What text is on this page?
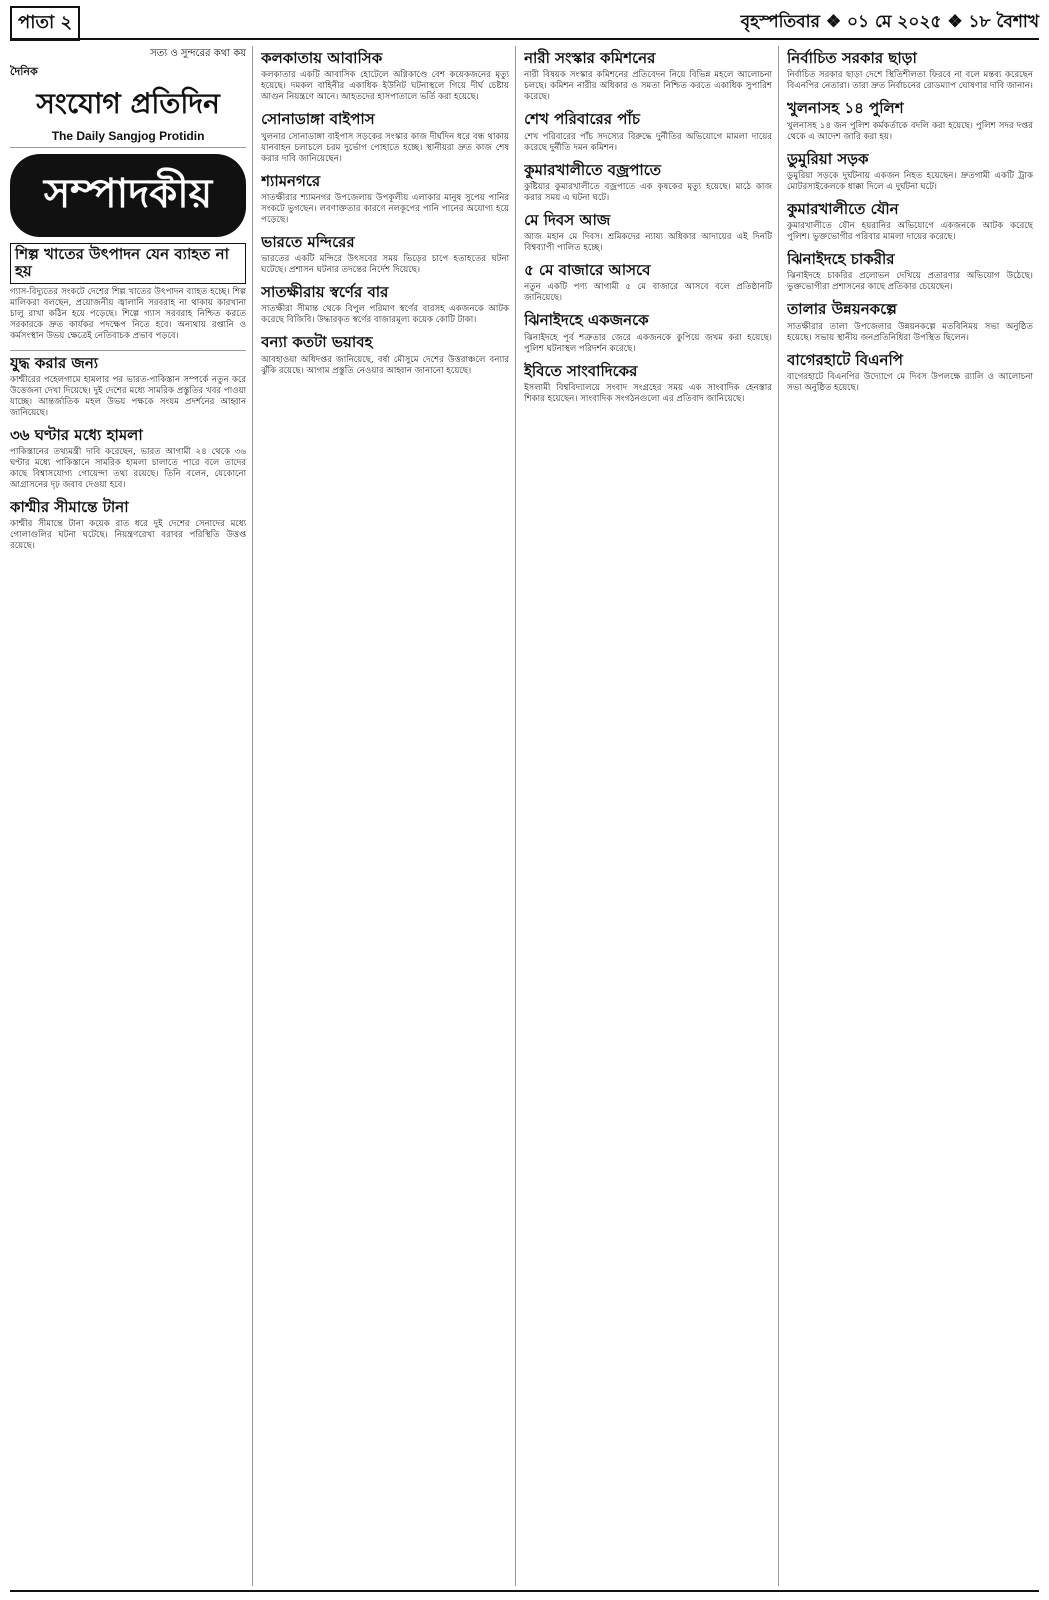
পাতা ২	বৃহস্পতিবার ❖ ০১ মে ২০২৫ ❖ ১৮ বৈশাখ
সত্য ও সুন্দরের কথা কয়
দৈনিক
সংযোগ প্রতিদিন
The Daily Sangjog Protidin
সম্পাদকীয়
শিল্প খাতের উৎপাদন যেন ব্যাহত না হয়
গ্যাস-বিদ্যুতের সংকটে দেশের শিল্প খাতের উৎপাদন ব্যাহত হচ্ছে। শিল্প মালিকরা বলছেন, প্রয়োজনীয় জ্বালানি সরবরাহ না থাকায় কারখানা চালু রাখা কঠিন হয়ে পড়েছে। শিল্পে গ্যাস সরবরাহ নিশ্চিত করতে সরকারকে দ্রুত কার্যকর পদক্ষেপ নিতে হবে। অন্যথায় রপ্তানি ও কর্মসংস্থান উভয় ক্ষেত্রেই নেতিবাচক প্রভাব পড়বে।
যুদ্ধ করার জন্য
কাশ্মীরের পহেলগামে হামলার পর ভারত-পাকিস্তান সম্পর্কে নতুন করে উত্তেজনা দেখা দিয়েছে। দুই দেশের মধ্যে সামরিক প্রস্তুতির খবর পাওয়া যাচ্ছে। আন্তর্জাতিক মহল উভয় পক্ষকে সংযম প্রদর্শনের আহ্বান জানিয়েছে।
৩৬ ঘণ্টার মধ্যে হামলা
পাকিস্তানের তথ্যমন্ত্রী দাবি করেছেন, ভারত আগামী ২৪ থেকে ৩৬ ঘণ্টার মধ্যে পাকিস্তানে সামরিক হামলা চালাতে পারে বলে তাদের কাছে বিশ্বাসযোগ্য গোয়েন্দা তথ্য রয়েছে। তিনি বলেন, যেকোনো আগ্রাসনের দৃঢ় জবাব দেওয়া হবে।
কাশ্মীর সীমান্তে টানা
কাশ্মীর সীমান্তে টানা কয়েক রাত ধরে দুই দেশের সেনাদের মধ্যে গোলাগুলির ঘটনা ঘটেছে। নিয়ন্ত্রণরেখা বরাবর পরিস্থিতি উত্তপ্ত রয়েছে।
কলকাতায় আবাসিক
কলকাতার একটি আবাসিক হোটেলে অগ্নিকাণ্ডে বেশ কয়েকজনের মৃত্যু হয়েছে। দমকল বাহিনীর একাধিক ইউনিট ঘটনাস্থলে গিয়ে দীর্ঘ চেষ্টায় আগুন নিয়ন্ত্রণে আনে। আহতদের হাসপাতালে ভর্তি করা হয়েছে।
সোনাডাঙ্গা বাইপাস
খুলনার সোনাডাঙ্গা বাইপাস সড়কের সংস্কার কাজ দীর্ঘদিন ধরে বন্ধ থাকায় যানবাহন চলাচলে চরম দুর্ভোগ পোহাতে হচ্ছে। স্থানীয়রা দ্রুত কাজ শেষ করার দাবি জানিয়েছেন।
শ্যামনগরে
সাতক্ষীরার শ্যামনগর উপজেলায় উপকূলীয় এলাকার মানুষ সুপেয় পানির সংকটে ভুগছেন। লবণাক্ততার কারণে নলকূপের পানি পানের অযোগ্য হয়ে পড়েছে।
ভারতে মন্দিরের
ভারতের একটি মন্দিরে উৎসবের সময় ভিড়ের চাপে হতাহতের ঘটনা ঘটেছে। প্রশাসন ঘটনার তদন্তের নির্দেশ দিয়েছে।
সাতক্ষীরায় স্বর্ণের বার
সাতক্ষীরা সীমান্ত থেকে বিপুল পরিমাণ স্বর্ণের বারসহ একজনকে আটক করেছে বিজিবি। উদ্ধারকৃত স্বর্ণের বাজারমূল্য কয়েক কোটি টাকা।
বন্যা কতটা ভয়াবহ
আবহাওয়া অধিদপ্তর জানিয়েছে, বর্ষা মৌসুমে দেশের উত্তরাঞ্চলে বন্যার ঝুঁকি রয়েছে। আগাম প্রস্তুতি নেওয়ার আহ্বান জানানো হয়েছে।
নারী সংস্কার কমিশনের
নারী বিষয়ক সংস্কার কমিশনের প্রতিবেদন নিয়ে বিভিন্ন মহলে আলোচনা চলছে। কমিশন নারীর অধিকার ও সমতা নিশ্চিত করতে একাধিক সুপারিশ করেছে।
শেখ পরিবারের পাঁচ
শেখ পরিবারের পাঁচ সদস্যের বিরুদ্ধে দুর্নীতির অভিযোগে মামলা দায়ের করেছে দুর্নীতি দমন কমিশন।
কুমারখালীতে বজ্রপাতে
কুষ্টিয়ার কুমারখালীতে বজ্রপাতে এক কৃষকের মৃত্যু হয়েছে। মাঠে কাজ করার সময় এ ঘটনা ঘটে।
মে দিবস আজ
আজ মহান মে দিবস। শ্রমিকদের ন্যায্য অধিকার আদায়ের এই দিনটি বিশ্বব্যাপী পালিত হচ্ছে।
৫ মে বাজারে আসবে
নতুন একটি পণ্য আগামী ৫ মে বাজারে আসবে বলে প্রতিষ্ঠানটি জানিয়েছে।
ঝিনাইদহে একজনকে
ঝিনাইদহে পূর্ব শত্রুতার জেরে একজনকে কুপিয়ে জখম করা হয়েছে। পুলিশ ঘটনাস্থল পরিদর্শন করেছে।
ইবিতে সাংবাদিকের
ইসলামী বিশ্ববিদ্যালয়ে সংবাদ সংগ্রহের সময় এক সাংবাদিক হেনস্তার শিকার হয়েছেন। সাংবাদিক সংগঠনগুলো এর প্রতিবাদ জানিয়েছে।
নির্বাচিত সরকার ছাড়া
নির্বাচিত সরকার ছাড়া দেশে স্থিতিশীলতা ফিরবে না বলে মন্তব্য করেছেন বিএনপির নেতারা। তারা দ্রুত নির্বাচনের রোডম্যাপ ঘোষণার দাবি জানান।
খুলনাসহ ১৪ পুলিশ
খুলনাসহ ১৪ জন পুলিশ কর্মকর্তাকে বদলি করা হয়েছে। পুলিশ সদর দপ্তর থেকে এ আদেশ জারি করা হয়।
ডুমুরিয়া সড়ক
ডুমুরিয়া সড়কে দুর্ঘটনায় একজন নিহত হয়েছেন। দ্রুতগামী একটি ট্রাক মোটরসাইকেলকে ধাক্কা দিলে এ দুর্ঘটনা ঘটে।
কুমারখালীতে যৌন
কুমারখালীতে যৌন হয়রানির অভিযোগে একজনকে আটক করেছে পুলিশ। ভুক্তভোগীর পরিবার মামলা দায়ের করেছে।
ঝিনাইদহে চাকরীর
ঝিনাইদহে চাকরির প্রলোভন দেখিয়ে প্রতারণার অভিযোগ উঠেছে। ভুক্তভোগীরা প্রশাসনের কাছে প্রতিকার চেয়েছেন।
তালার উন্নয়নকল্পে
সাতক্ষীরার তালা উপজেলার উন্নয়নকল্পে মতবিনিময় সভা অনুষ্ঠিত হয়েছে। সভায় স্থানীয় জনপ্রতিনিধিরা উপস্থিত ছিলেন।
বাগেরহাটে বিএনপি
বাগেরহাটে বিএনপির উদ্যোগে মে দিবস উপলক্ষে র‍্যালি ও আলোচনা সভা অনুষ্ঠিত হয়েছে।
